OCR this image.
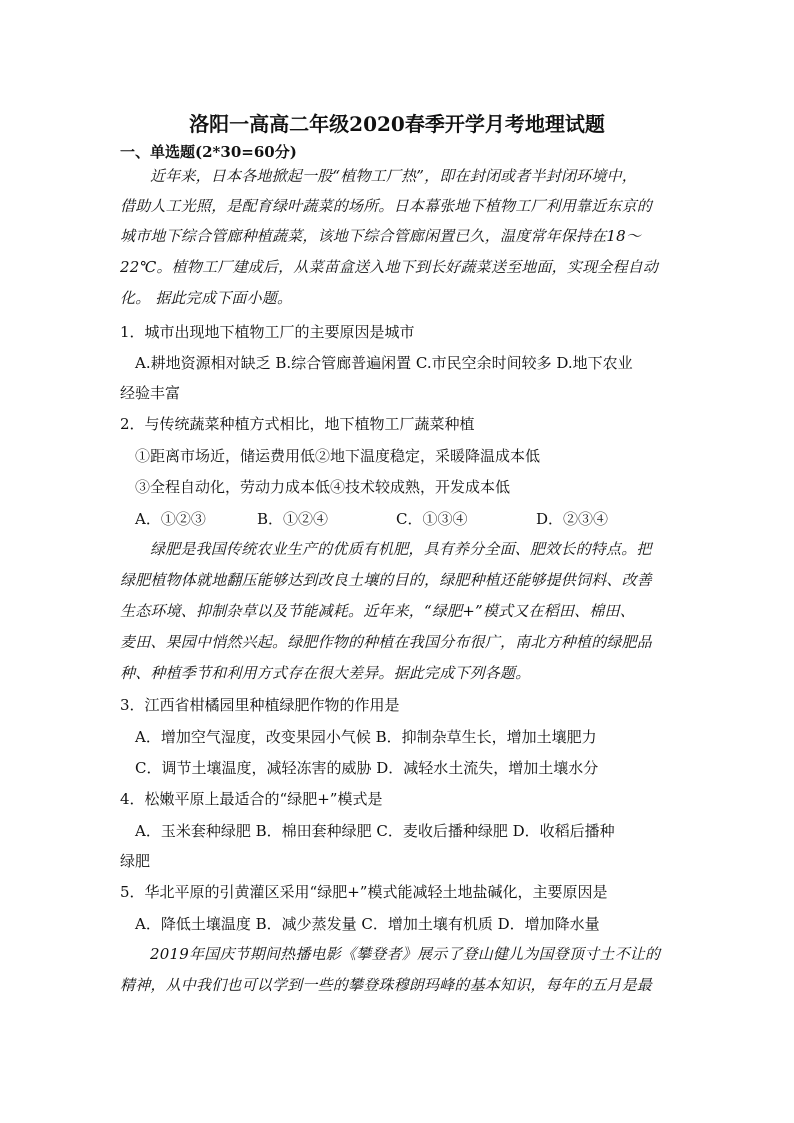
洛阳一高高二年级2020春季开学月考地理试题
一、单选题(2*30=60分)
近年来，日本各地掀起一股“植物工厂热”，即在封闭或者半封闭环境中，
借助人工光照，是配育绿叶蔬菜的场所。日本幕张地下植物工厂利用靠近东京的
城市地下综合管廊种植蔬菜，该地下综合管廊闲置已久，温度常年保持在18～
22℃。植物工厂建成后，从菜苗盒送入地下到长好蔬菜送至地面，实现全程自动
化。 据此完成下面小题。
1．城市出现地下植物工厂的主要原因是城市
A.耕地资源相对缺乏 B.综合管廊普遍闲置 C.市民空余时间较多 D.地下农业
经验丰富
2．与传统蔬菜种植方式相比，地下植物工厂蔬菜种植
①距离市场近，储运费用低②地下温度稳定，采暖降温成本低
③全程自动化，劳动力成本低④技术较成熟，开发成本低
A．①②③	B．①②④	C．①③④	D．②③④
绿肥是我国传统农业生产的优质有机肥，具有养分全面、肥效长的特点。把
绿肥植物体就地翻压能够达到改良土壤的目的，绿肥种植还能够提供饲料、改善
生态环境、抑制杂草以及节能减耗。近年来，“绿肥+”模式又在稻田、棉田、
麦田、果园中悄然兴起。绿肥作物的种植在我国分布很广，南北方种植的绿肥品
种、种植季节和利用方式存在很大差异。据此完成下列各题。
3．江西省柑橘园里种植绿肥作物的作用是
A．增加空气湿度，改变果园小气候 B．抑制杂草生长，增加土壤肥力
C．调节土壤温度，减轻冻害的威胁 D．减轻水土流失，增加土壤水分
4．松嫩平原上最适合的“绿肥+”模式是
A．玉米套种绿肥 B．棉田套种绿肥 C．麦收后播种绿肥 D．收稻后播种
绿肥
5．华北平原的引黄灌区采用“绿肥+”模式能减轻土地盐碱化，主要原因是
A．降低土壤温度 B．减少蒸发量 C．增加土壤有机质 D．增加降水量
2019年国庆节期间热播电影《攀登者》展示了登山健儿为国登顶寸土不让的
精神，从中我们也可以学到一些的攀登珠穆朗玛峰的基本知识，每年的五月是最
